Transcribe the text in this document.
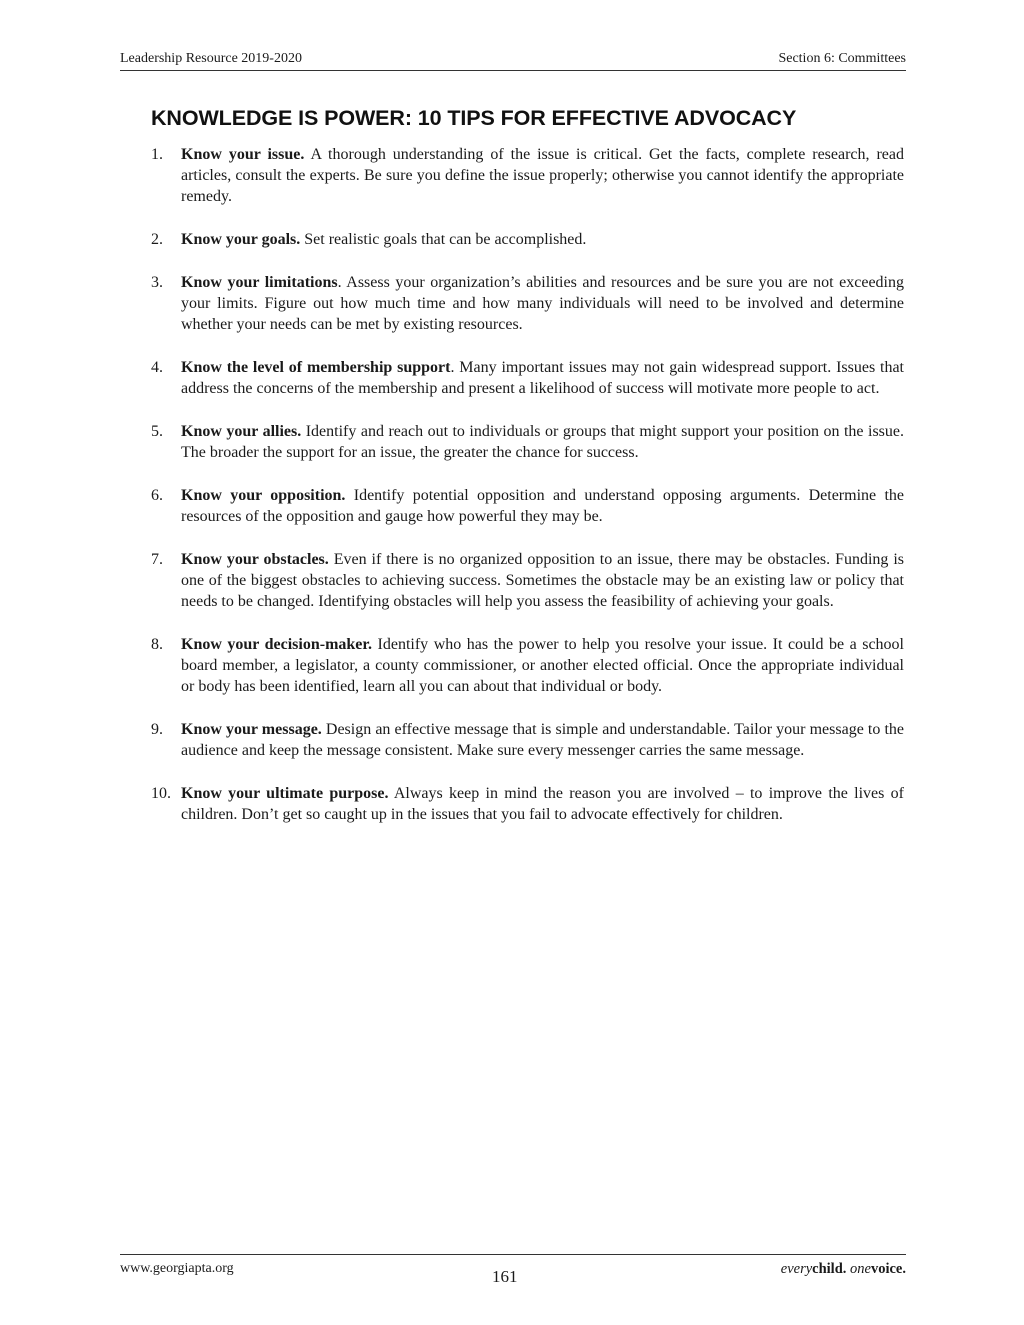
Leadership Resource 2019-2020	Section 6: Committees
KNOWLEDGE IS POWER: 10 TIPS FOR EFFECTIVE ADVOCACY
1. Know your issue. A thorough understanding of the issue is critical. Get the facts, complete research, read articles, consult the experts. Be sure you define the issue properly; otherwise you cannot identify the appropriate remedy.
2. Know your goals. Set realistic goals that can be accomplished.
3. Know your limitations. Assess your organization’s abilities and resources and be sure you are not exceeding your limits. Figure out how much time and how many individuals will need to be involved and determine whether your needs can be met by existing resources.
4. Know the level of membership support. Many important issues may not gain widespread support. Issues that address the concerns of the membership and present a likelihood of success will motivate more people to act.
5. Know your allies. Identify and reach out to individuals or groups that might support your position on the issue. The broader the support for an issue, the greater the chance for success.
6. Know your opposition. Identify potential opposition and understand opposing arguments. Determine the resources of the opposition and gauge how powerful they may be.
7. Know your obstacles. Even if there is no organized opposition to an issue, there may be obstacles. Funding is one of the biggest obstacles to achieving success. Sometimes the obstacle may be an existing law or policy that needs to be changed. Identifying obstacles will help you assess the feasibility of achieving your goals.
8. Know your decision-maker. Identify who has the power to help you resolve your issue. It could be a school board member, a legislator, a county commissioner, or another elected official. Once the appropriate individual or body has been identified, learn all you can about that individual or body.
9. Know your message. Design an effective message that is simple and understandable. Tailor your message to the audience and keep the message consistent. Make sure every messenger carries the same message.
10. Know your ultimate purpose. Always keep in mind the reason you are involved – to improve the lives of children. Don’t get so caught up in the issues that you fail to advocate effectively for children.
www.georgiapta.org	161	everychild. onevoice.
